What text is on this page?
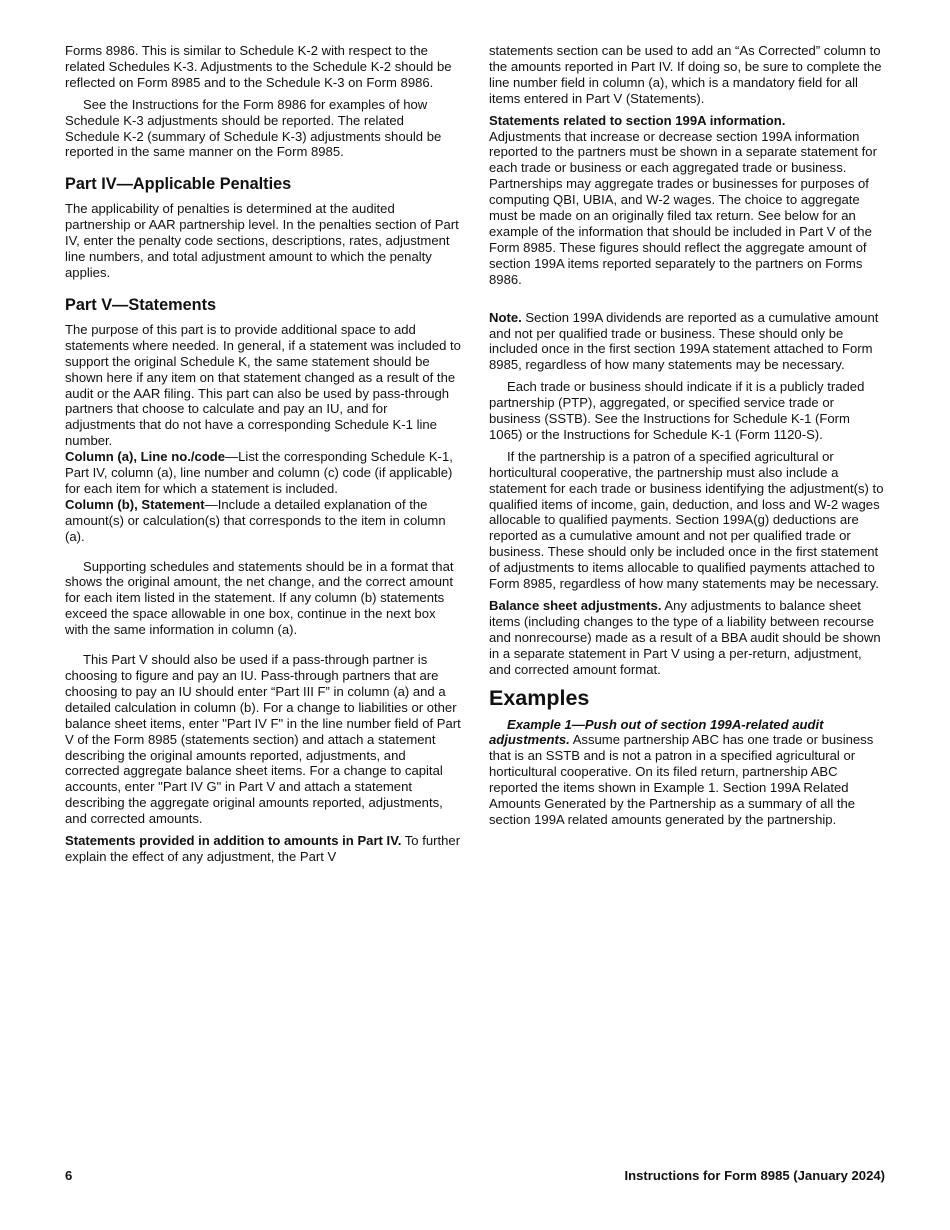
Forms 8986. This is similar to Schedule K-2 with respect to the related Schedules K-3. Adjustments to the Schedule K-2 should be reflected on Form 8985 and to the Schedule K-3 on Form 8986.

See the Instructions for the Form 8986 for examples of how Schedule K-3 adjustments should be reported. The related Schedule K-2 (summary of Schedule K-3) adjustments should be reported in the same manner on the Form 8985.

Part IV—Applicable Penalties

The applicability of penalties is determined at the audited partnership or AAR partnership level. In the penalties section of Part IV, enter the penalty code sections, descriptions, rates, adjustment line numbers, and total adjustment amount to which the penalty applies.

Part V—Statements

The purpose of this part is to provide additional space to add statements where needed. In general, if a statement was included to support the original Schedule K, the same statement should be shown here if any item on that statement changed as a result of the audit or the AAR filing. This part can also be used by pass-through partners that choose to calculate and pay an IU, and for adjustments that do not have a corresponding Schedule K-1 line number.

Column (a), Line no./code—List the corresponding Schedule K-1, Part IV, column (a), line number and column (c) code (if applicable) for each item for which a statement is included.

Column (b), Statement—Include a detailed explanation of the amount(s) or calculation(s) that corresponds to the item in column (a).

Supporting schedules and statements should be in a format that shows the original amount, the net change, and the correct amount for each item listed in the statement. If any column (b) statements exceed the space allowable in one box, continue in the next box with the same information in column (a).

This Part V should also be used if a pass-through partner is choosing to figure and pay an IU. Pass-through partners that are choosing to pay an IU should enter “Part III F” in column (a) and a detailed calculation in column (b). For a change to liabilities or other balance sheet items, enter "Part IV F" in the line number field of Part V of the Form 8985 (statements section) and attach a statement describing the original amounts reported, adjustments, and corrected aggregate balance sheet items. For a change to capital accounts, enter "Part IV G" in Part V and attach a statement describing the aggregate original amounts reported, adjustments, and corrected amounts.

Statements provided in addition to amounts in Part IV. To further explain the effect of any adjustment, the Part V

statements section can be used to add an “As Corrected” column to the amounts reported in Part IV. If doing so, be sure to complete the line number field in column (a), which is a mandatory field for all items entered in Part V (Statements).

Statements related to section 199A information.
Adjustments that increase or decrease section 199A information reported to the partners must be shown in a separate statement for each trade or business or each aggregated trade or business. Partnerships may aggregate trades or businesses for purposes of computing QBI, UBIA, and W-2 wages. The choice to aggregate must be made on an originally filed tax return. See below for an example of the information that should be included in Part V of the Form 8985. These figures should reflect the aggregate amount of section 199A items reported separately to the partners on Forms 8986.

Note. Section 199A dividends are reported as a cumulative amount and not per qualified trade or business. These should only be included once in the first section 199A statement attached to Form 8985, regardless of how many statements may be necessary.

Each trade or business should indicate if it is a publicly traded partnership (PTP), aggregated, or specified service trade or business (SSTB). See the Instructions for Schedule K-1 (Form 1065) or the Instructions for Schedule K-1 (Form 1120-S).

If the partnership is a patron of a specified agricultural or horticultural cooperative, the partnership must also include a statement for each trade or business identifying the adjustment(s) to qualified items of income, gain, deduction, and loss and W-2 wages allocable to qualified payments. Section 199A(g) deductions are reported as a cumulative amount and not per qualified trade or business. These should only be included once in the first statement of adjustments to items allocable to qualified payments attached to Form 8985, regardless of how many statements may be necessary.

Balance sheet adjustments. Any adjustments to balance sheet items (including changes to the type of a liability between recourse and nonrecourse) made as a result of a BBA audit should be shown in a separate statement in Part V using a per-return, adjustment, and corrected amount format.

Examples

Example 1—Push out of section 199A-related audit adjustments. Assume partnership ABC has one trade or business that is an SSTB and is not a patron in a specified agricultural or horticultural cooperative. On its filed return, partnership ABC reported the items shown in Example 1. Section 199A Related Amounts Generated by the Partnership as a summary of all the section 199A related amounts generated by the partnership.

6	Instructions for Form 8985 (January 2024)
